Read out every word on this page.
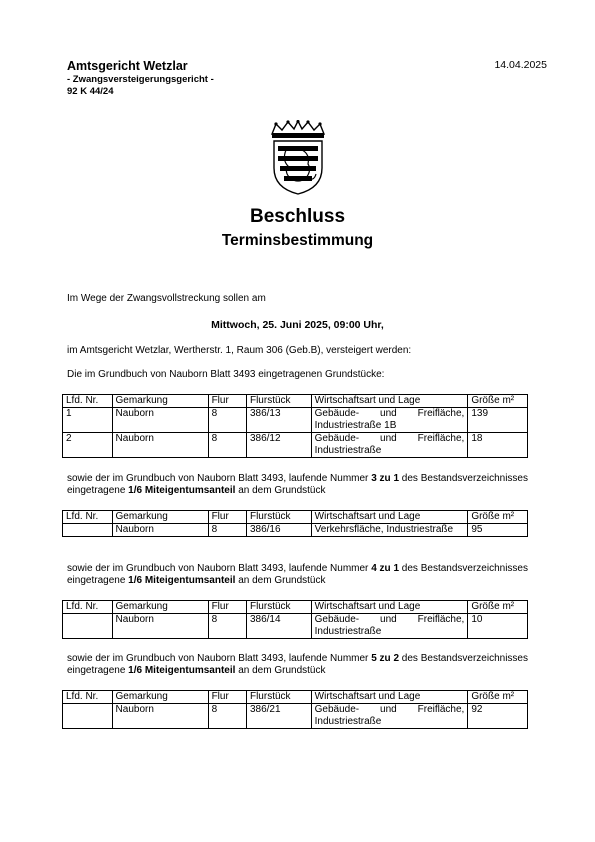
Amtsgericht Wetzlar
- Zwangsversteigerungsgericht -
92 K 44/24
14.04.2025
Beschluss
Terminsbestimmung
Im Wege der Zwangsvollstreckung sollen am
Mittwoch, 25. Juni 2025, 09:00 Uhr,
im Amtsgericht Wetzlar, Wertherstr. 1, Raum 306 (Geb.B), versteigert werden:
Die im Grundbuch von Nauborn Blatt 3493 eingetragenen Grundstücke:
Lfd. Nr.	Gemarkung	Flur	Flurstück	Wirtschaftsart und Lage	Größe m²
1	Nauborn	8	386/13	Gebäude- und Freifläche, Industriestraße 1B	139
2	Nauborn	8	386/12	Gebäude- und Freifläche, Industriestraße	18
sowie der im Grundbuch von Nauborn Blatt 3493, laufende Nummer 3 zu 1 des Bestandsverzeichnisses eingetragene 1/6 Miteigentumsanteil an dem Grundstück
Lfd. Nr.	Gemarkung	Flur	Flurstück	Wirtschaftsart und Lage	Größe m²
	Nauborn	8	386/16	Verkehrsfläche, Industriestraße	95
sowie der im Grundbuch von Nauborn Blatt 3493, laufende Nummer 4 zu 1 des Bestandsverzeichnisses eingetragene 1/6 Miteigentumsanteil an dem Grundstück
Lfd. Nr.	Gemarkung	Flur	Flurstück	Wirtschaftsart und Lage	Größe m²
	Nauborn	8	386/14	Gebäude- und Freifläche, Industriestraße	10
sowie der im Grundbuch von Nauborn Blatt 3493, laufende Nummer 5 zu 2 des Bestandsverzeichnisses eingetragene 1/6 Miteigentumsanteil an dem Grundstück
Lfd. Nr.	Gemarkung	Flur	Flurstück	Wirtschaftsart und Lage	Größe m²
	Nauborn	8	386/21	Gebäude- und Freifläche, Industriestraße	92
